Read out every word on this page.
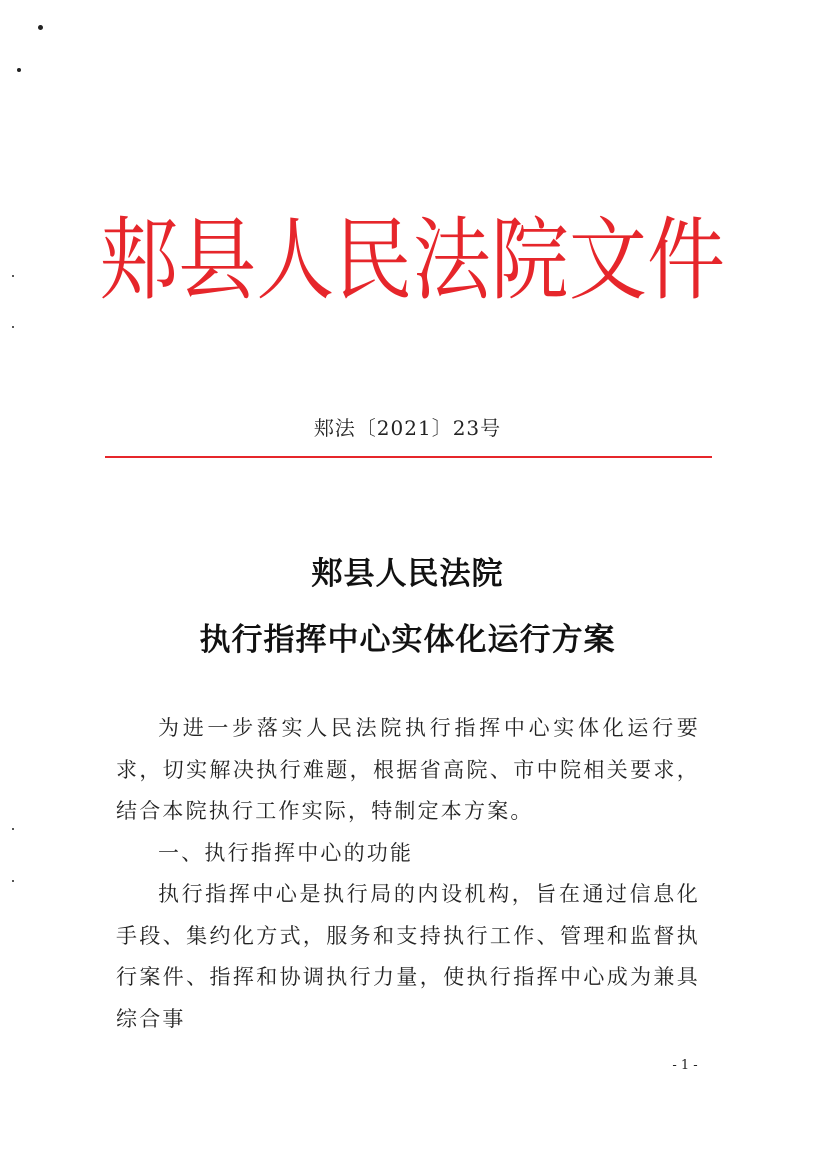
郏 县 人 民 法 院 文 件
郏法〔2021〕23号
郏县人民法院
执行指挥中心实体化运行方案

为进一步落实人民法院执行指挥中心实体化运行要求，切实解决执行难题，根据省高院、市中院相关要求，结合本院执行工作实际，特制定本方案。

一、执行指挥中心的功能

执行指挥中心是执行局的内设机构，旨在通过信息化手段、集约化方式，服务和支持执行工作、管理和监督执行案件、指挥和协调执行力量，使执行指挥中心成为兼具综合事

- 1 -
